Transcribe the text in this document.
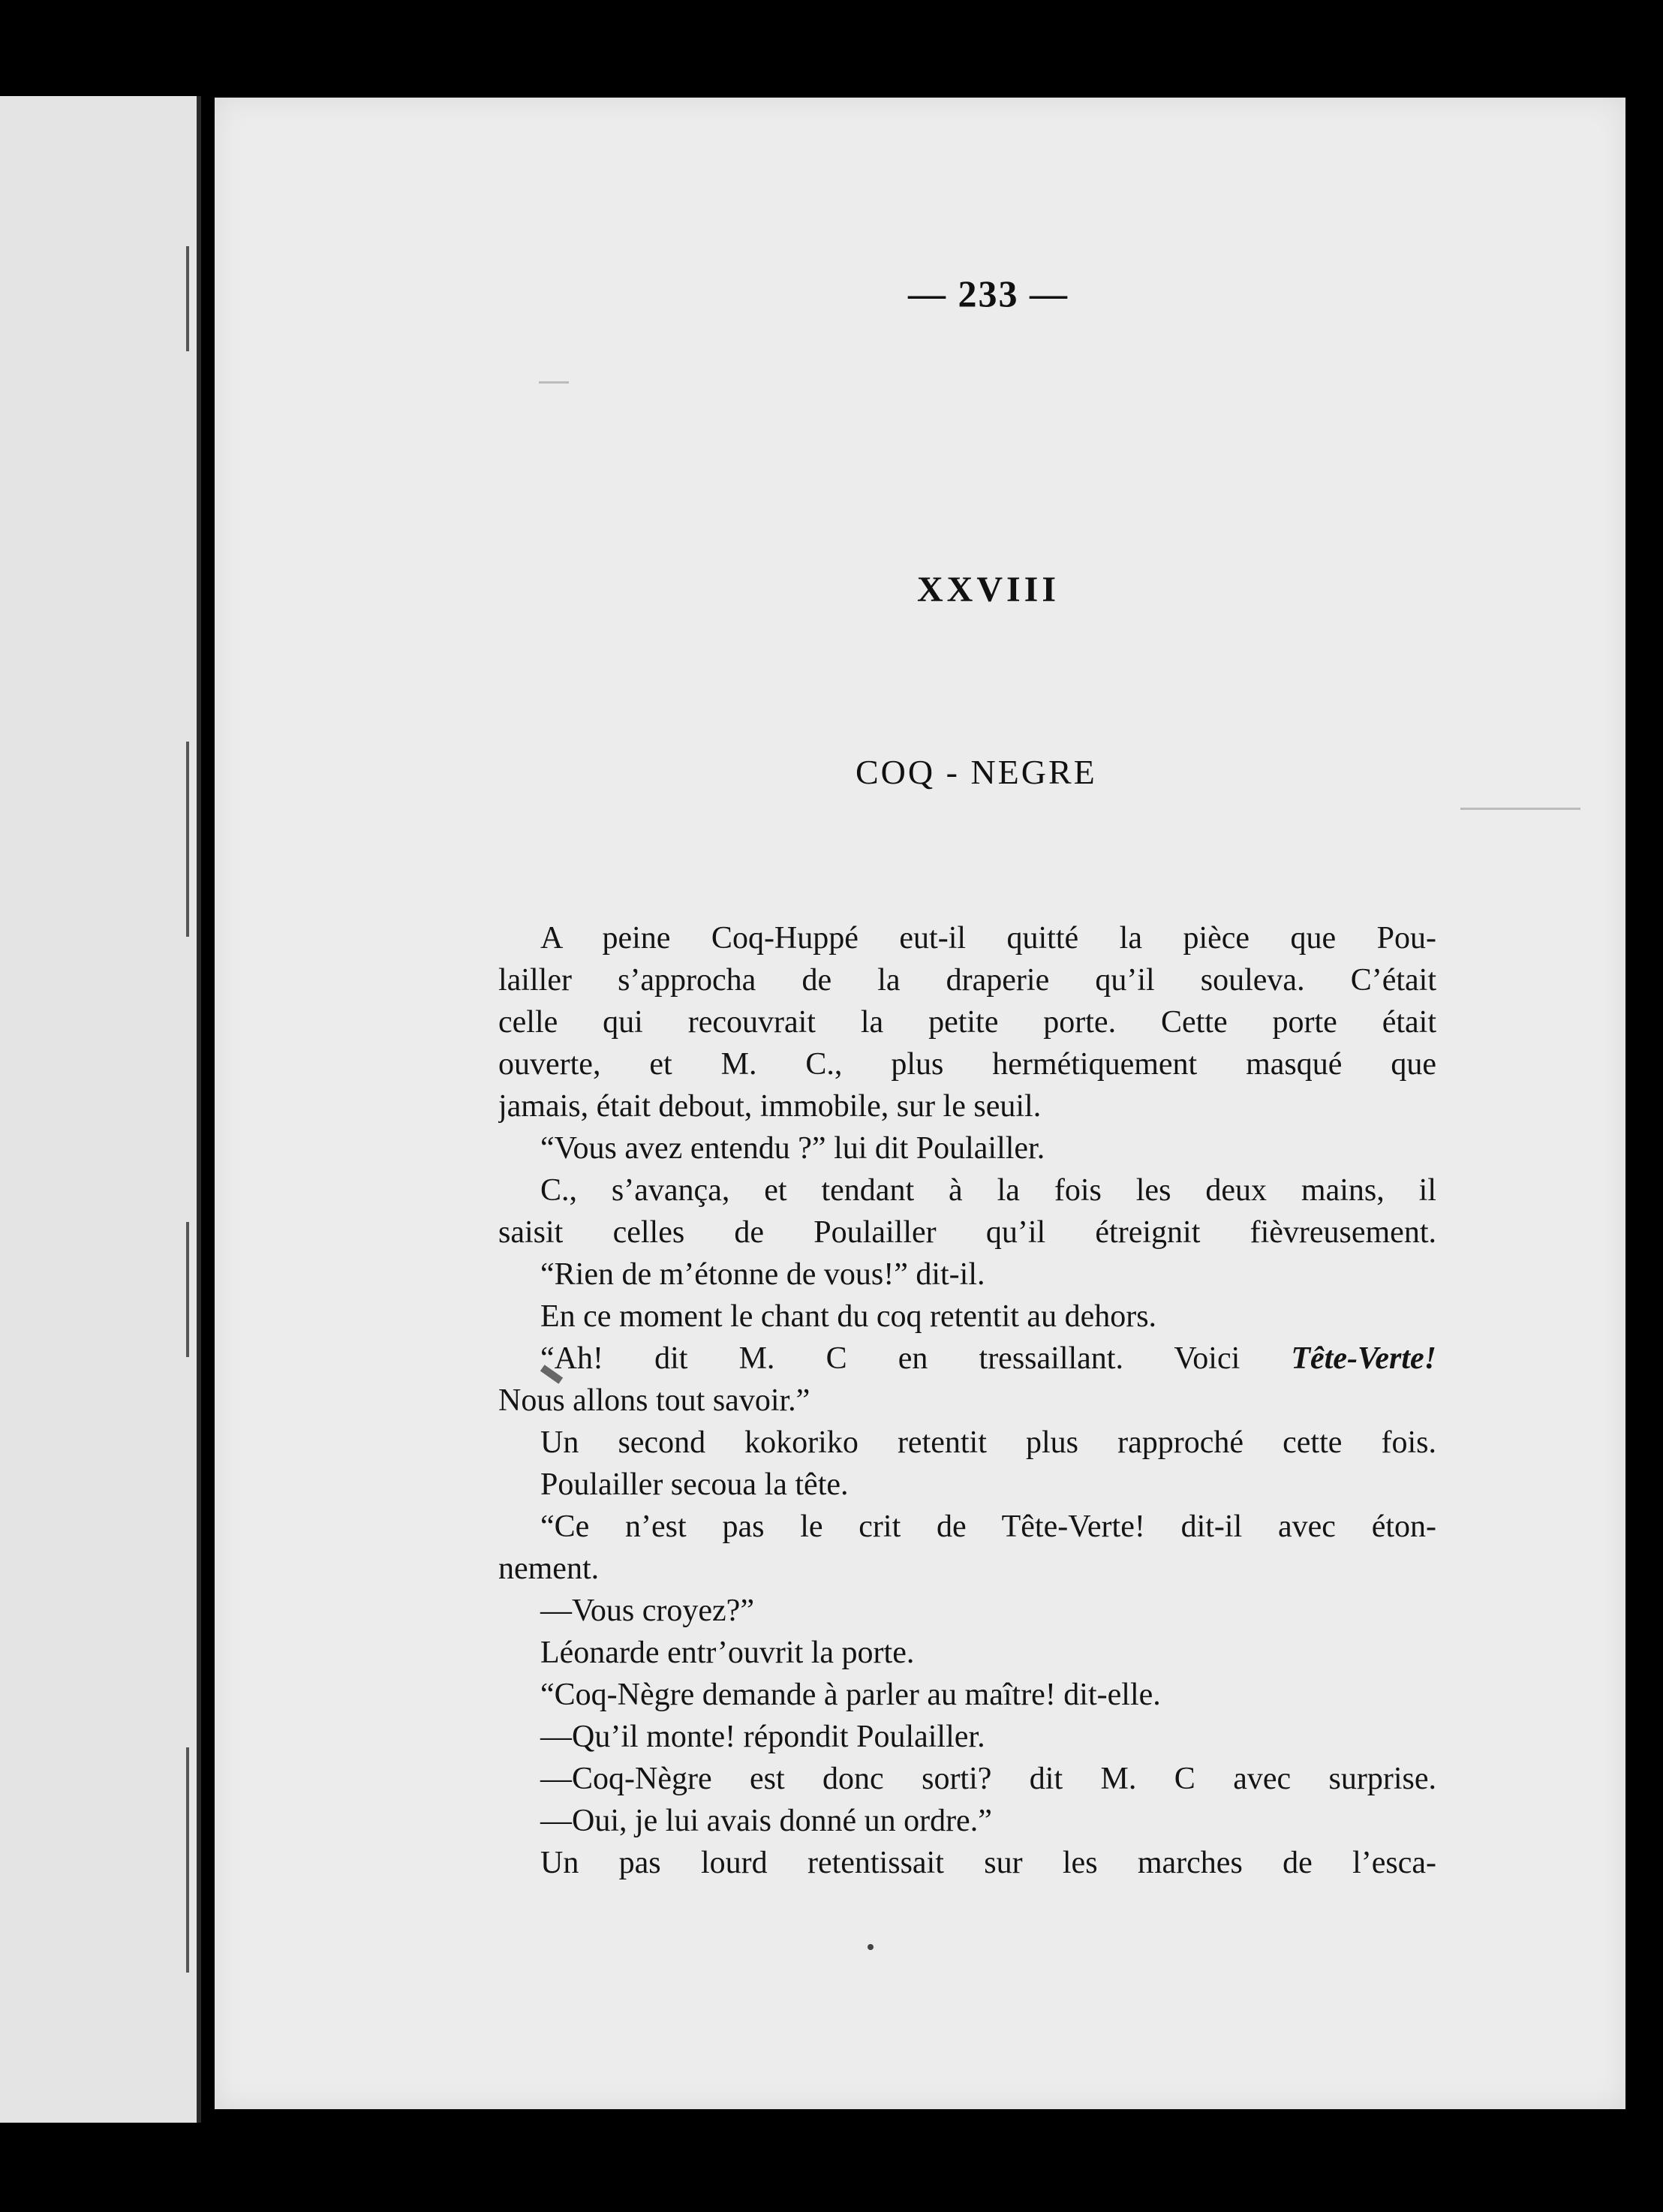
— 233 —
XXVIII
COQ - NEGRE
A peine Coq-Huppé eut-il quitté la pièce que Pou-
lailler s’approcha de la draperie qu’il souleva. C’était
celle qui recouvrait la petite porte. Cette porte était
ouverte, et M. C., plus hermétiquement masqué que
jamais, était debout, immobile, sur le seuil.
“Vous avez entendu ?” lui dit Poulailler.
C., s’avança, et tendant à la fois les deux mains, il
saisit celles de Poulailler qu’il étreignit fièvreusement.
“Rien de m’étonne de vous!” dit-il.
En ce moment le chant du coq retentit au dehors.
“Ah! dit M. C en tressaillant. Voici Tête-Verte!
Nous allons tout savoir.”
Un second kokoriko retentit plus rapproché cette fois.
Poulailler secoua la tête.
“Ce n’est pas le crit de Tête-Verte! dit-il avec éton-
nement.
—Vous croyez?”
Léonarde entr’ouvrit la porte.
“Coq-Nègre demande à parler au maître! dit-elle.
—Qu’il monte! répondit Poulailler.
—Coq-Nègre est donc sorti? dit M. C avec surprise.
—Oui, je lui avais donné un ordre.”
Un pas lourd retentissait sur les marches de l’esca-
